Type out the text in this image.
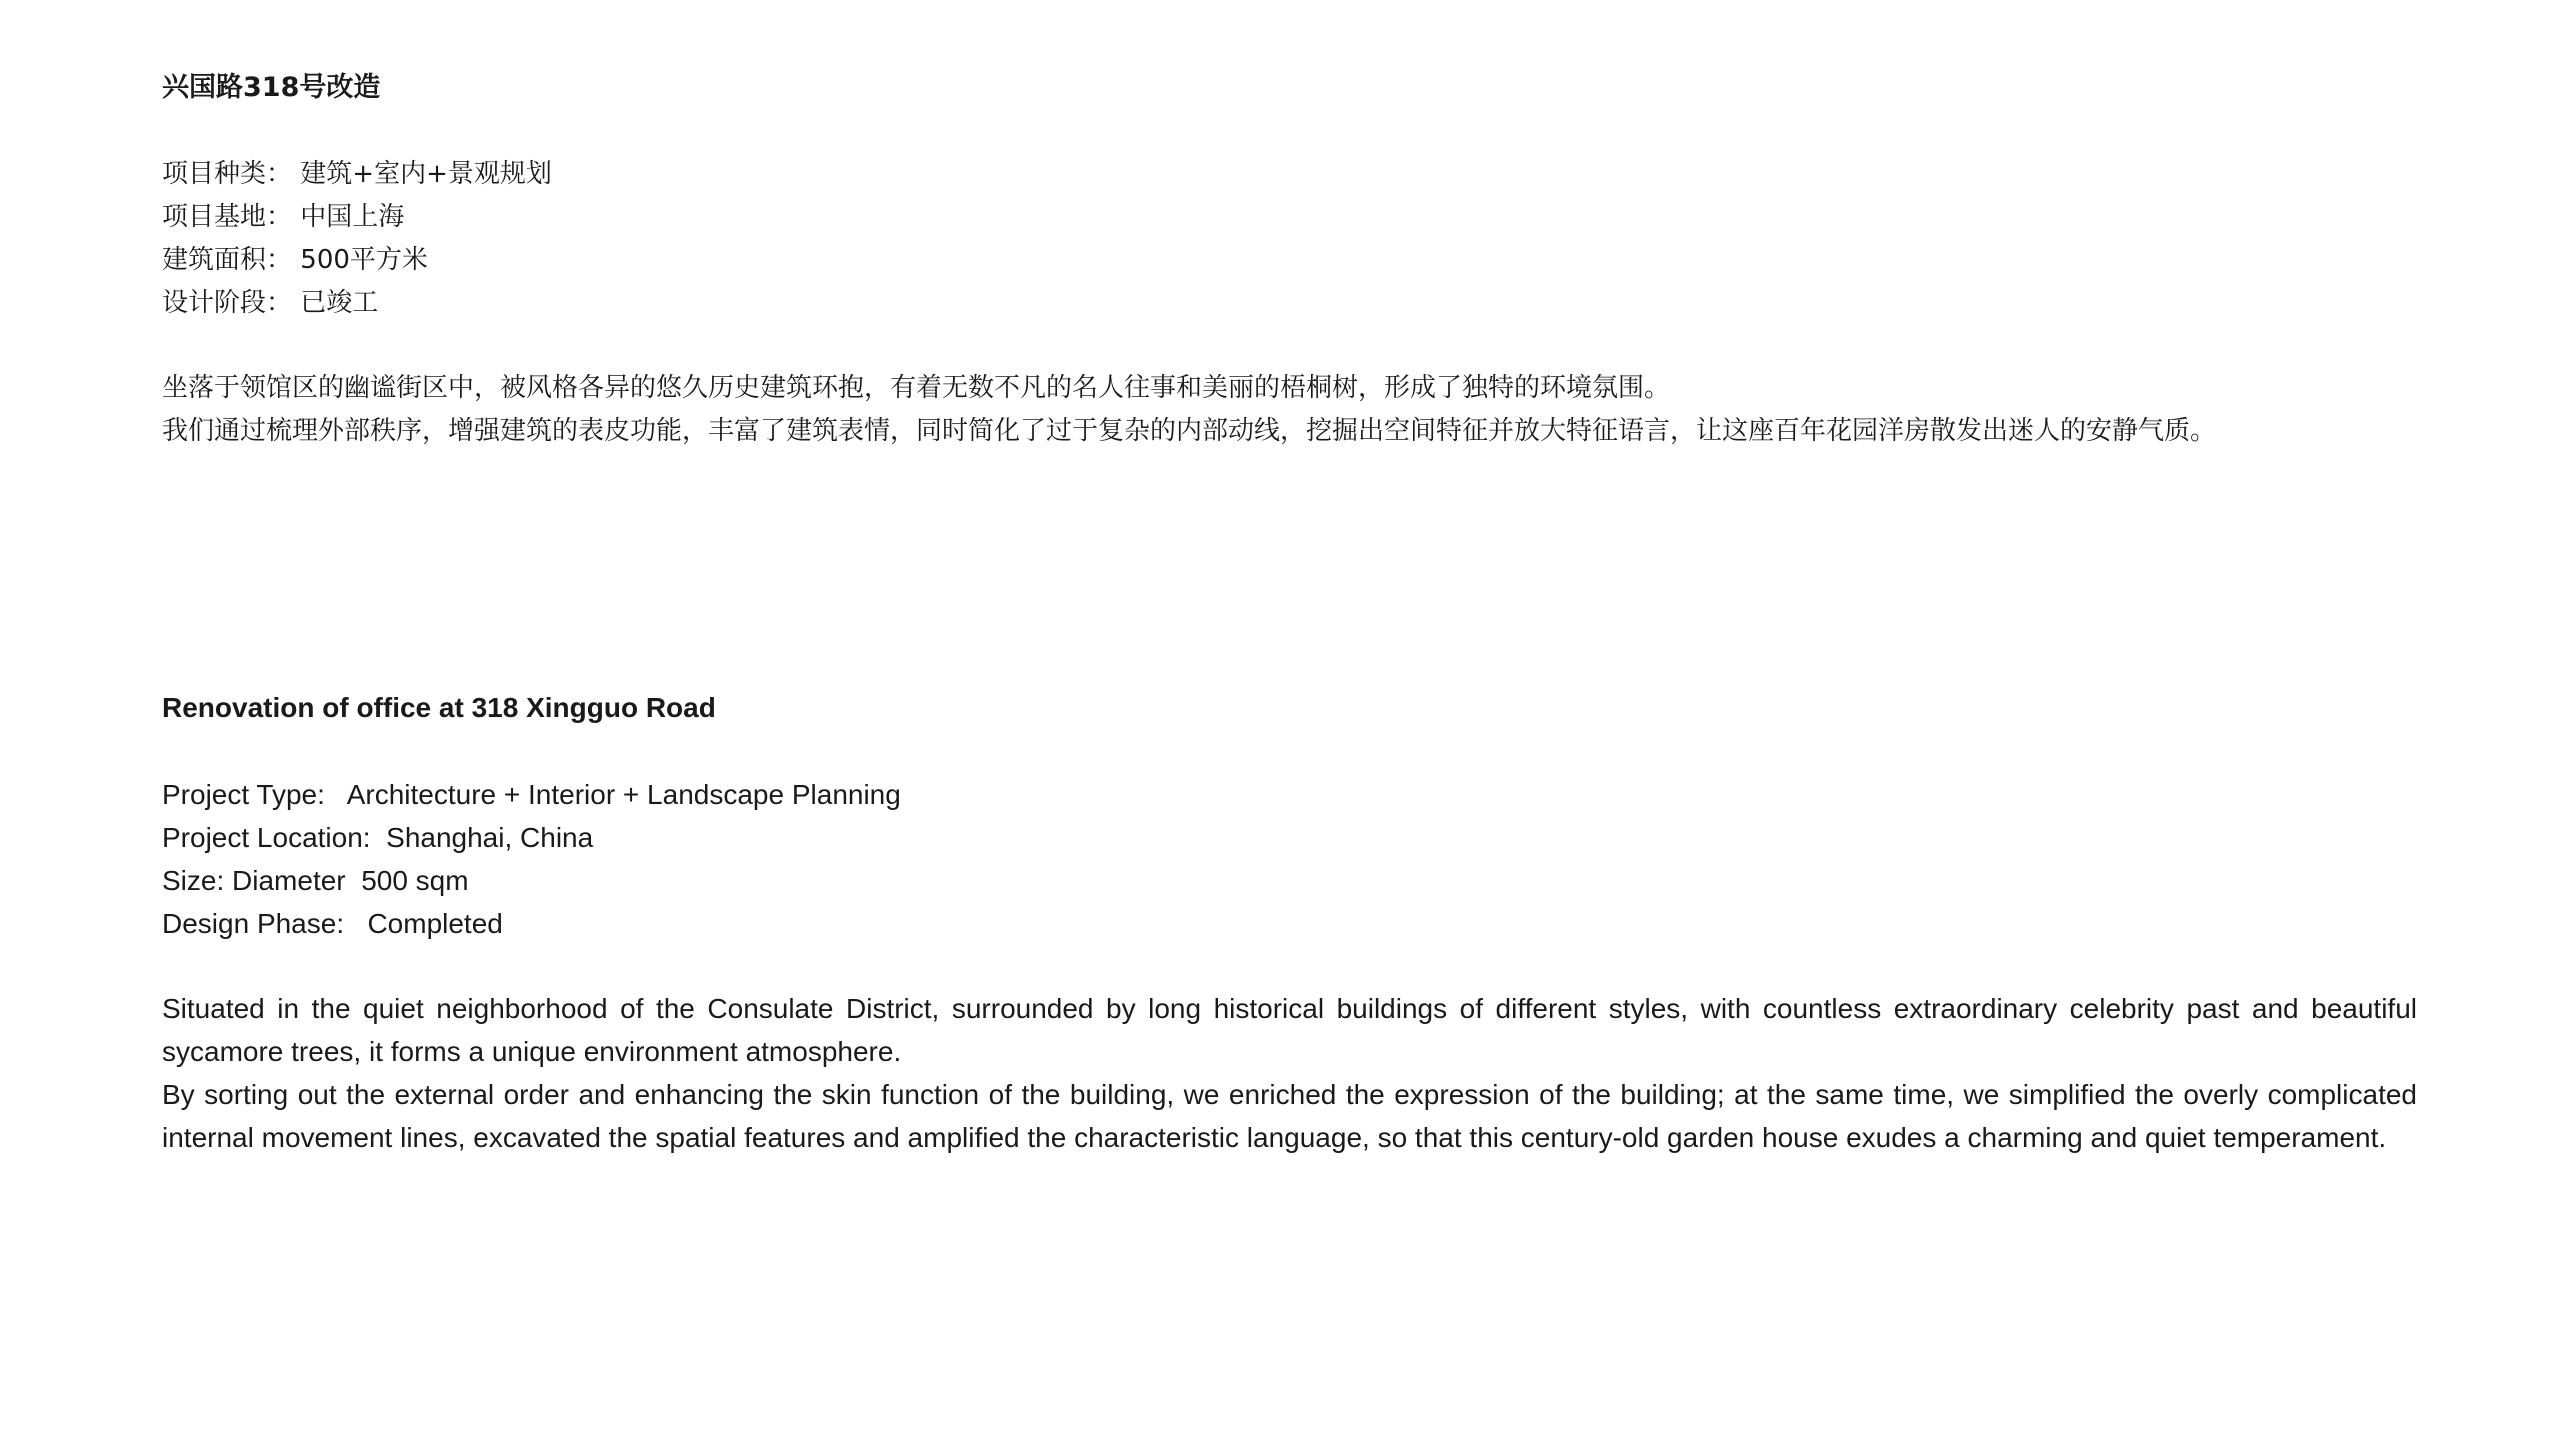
兴国路318号改造
项目种类： 建筑+室内+景观规划
项目基地： 中国上海
建筑面积： 500平方米
设计阶段： 已竣工

坐落于领馆区的幽谧街区中，被风格各异的悠久历史建筑环抱，有着无数不凡的名人往事和美丽的梧桐树，形成了独特的环境氛围。

我们通过梳理外部秩序，增强建筑的表皮功能，丰富了建筑表情，同时简化了过于复杂的内部动线，挖掘出空间特征并放大特征语言，让这座百年花园洋房散发出迷人的安静气质。

Renovation of office at 318 Xingguo Road
Project Type: Architecture + Interior + Landscape Planning
Project Location: Shanghai, China
Size: Diameter 500 sqm
Design Phase: Completed

Situated in the quiet neighborhood of the Consulate District, surrounded by long historical buildings of different styles, with countless extraordinary celebrity past and beautiful sycamore trees, it forms a unique environment atmosphere.

By sorting out the external order and enhancing the skin function of the building, we enriched the expression of the building; at the same time, we simplified the overly complicated internal movement lines, excavated the spatial features and amplified the characteristic language, so that this century-old garden house exudes a charming and quiet temperament.
